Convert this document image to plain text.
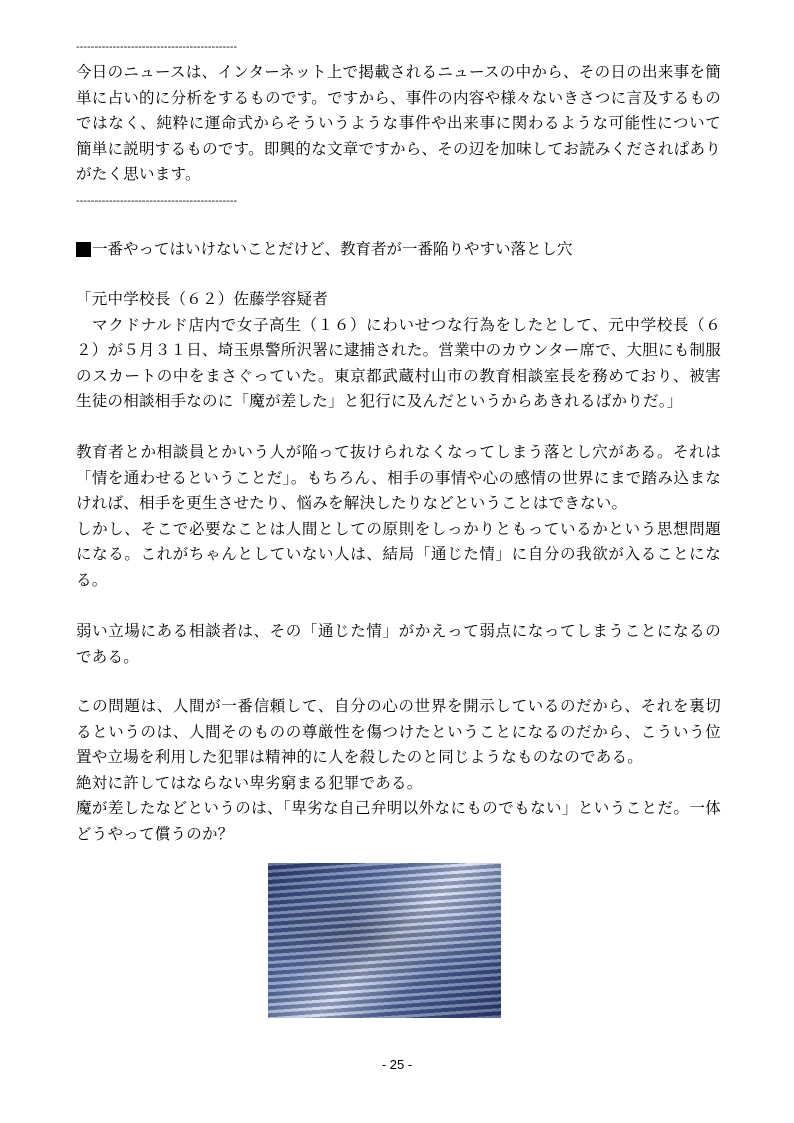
--------------------------------------------

今日のニュースは、インターネット上で掲載されるニュースの中から、その日の出来事を簡単に占い的に分析をするものです。ですから、事件の内容や様々ないきさつに言及するものではなく、純粋に運命式からそういうような事件や出来事に関わるような可能性について簡単に説明するものです。即興的な文章ですから、その辺を加味してお読みくだされぱありがたく思います。

--------------------------------------------
一番やってはいけないことだけど、教育者が一番陥りやすい落とし穴

「元中学校長（６２）佐藤学容疑者

　マクドナルド店内で女子高生（１６）にわいせつな行為をしたとして、元中学校長（６２）が５月３１日、埼玉県警所沢署に逮捕された。営業中のカウンター席で、大胆にも制服のスカートの中をまさぐっていた。東京都武蔵村山市の教育相談室長を務めており、被害生徒の相談相手なのに「魔が差した」と犯行に及んだというからあきれるばかりだ。」

教育者とか相談員とかいう人が陥って抜けられなくなってしまう落とし穴がある。それは「情を通わせるということだ」。もちろん、相手の事情や心の感情の世界にまで踏み込まなければ、相手を更生させたり、悩みを解決したりなどということはできない。

しかし、そこで必要なことは人間としての原則をしっかりともっているかという思想問題になる。これがちゃんとしていない人は、結局「通じた情」に自分の我欲が入ることになる。

弱い立場にある相談者は、その「通じた情」がかえって弱点になってしまうことになるのである。

この問題は、人間が一番信頼して、自分の心の世界を開示しているのだから、それを裏切るというのは、人間そのものの尊厳性を傷つけたということになるのだから、こういう位置や立場を利用した犯罪は精神的に人を殺したのと同じようなものなのである。

絶対に許してはならない卑劣窮まる犯罪である。

魔が差したなどというのは、「卑劣な自己弁明以外なにものでもない」ということだ。一体どうやって償うのか？

- 25 -
